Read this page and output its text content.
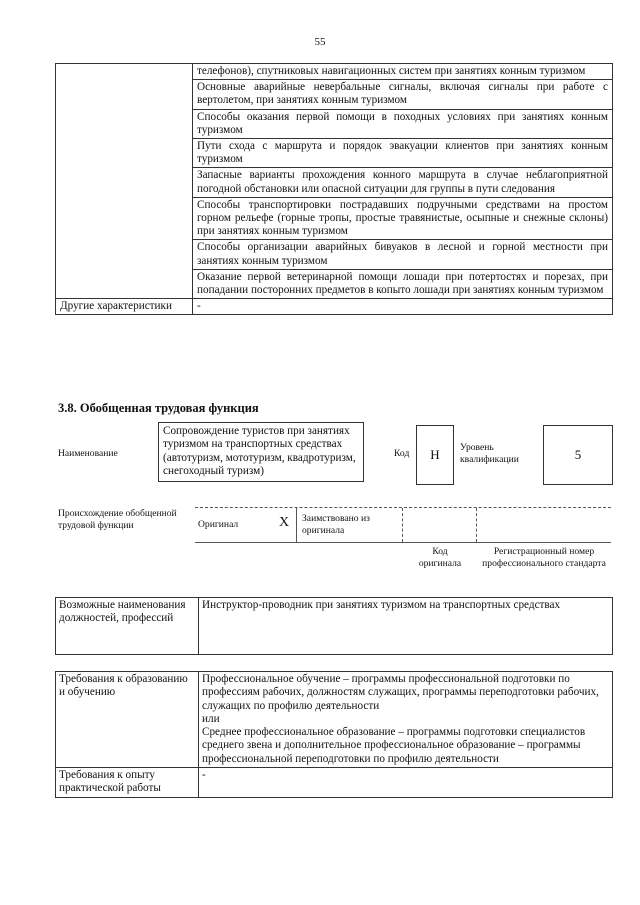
55
	телефонов), спутниковых навигационных систем при занятиях конным туризмом
	Основные аварийные невербальные сигналы, включая сигналы при работе с вертолетом, при занятиях конным туризмом
	Способы оказания первой помощи в походных условиях при занятиях конным туризмом
	Пути схода с маршрута и порядок эвакуации клиентов при занятиях конным туризмом
	Запасные варианты прохождения конного маршрута в случае неблагоприятной погодной обстановки или опасной ситуации для группы в пути следования
	Способы транспортировки пострадавших подручными средствами на простом горном рельефе (горные тропы, простые травянистые, осыпные и снежные склоны) при занятиях конным туризмом
	Способы организации аварийных бивуаков в лесной и горной местности при занятиях конным туризмом
	Оказание первой ветеринарной помощи лошади при потертостях и порезах, при попадании посторонних предметов в копыто лошади при занятиях конным туризмом
Другие характеристики	-
3.8. Обобщенная трудовая функция
Наименование
Сопровождение туристов при занятиях туризмом на транспортных средствах (автотуризм, мототуризм, квадротуризм, снегоходный туризм)
Код	H	Уровень квалификации	5
Происхождение обобщенной трудовой функции	Оригинал	X Заимствовано из оригинала
Код оригинала
Регистрационный номер профессионального стандарта
Возможные наименования должностей, профессий	Инструктор-проводник при занятиях туризмом на транспортных средствах
Требования к образованию и обучению	Профессиональное обучение – программы профессиональной подготовки по профессиям рабочих, должностям служащих, программы переподготовки рабочих, служащих по профилю деятельности
или
Среднее профессиональное образование – программы подготовки специалистов среднего звена и дополнительное профессиональное образование – программы профессиональной переподготовки по профилю деятельности

Требования к опыту практической работы	-
